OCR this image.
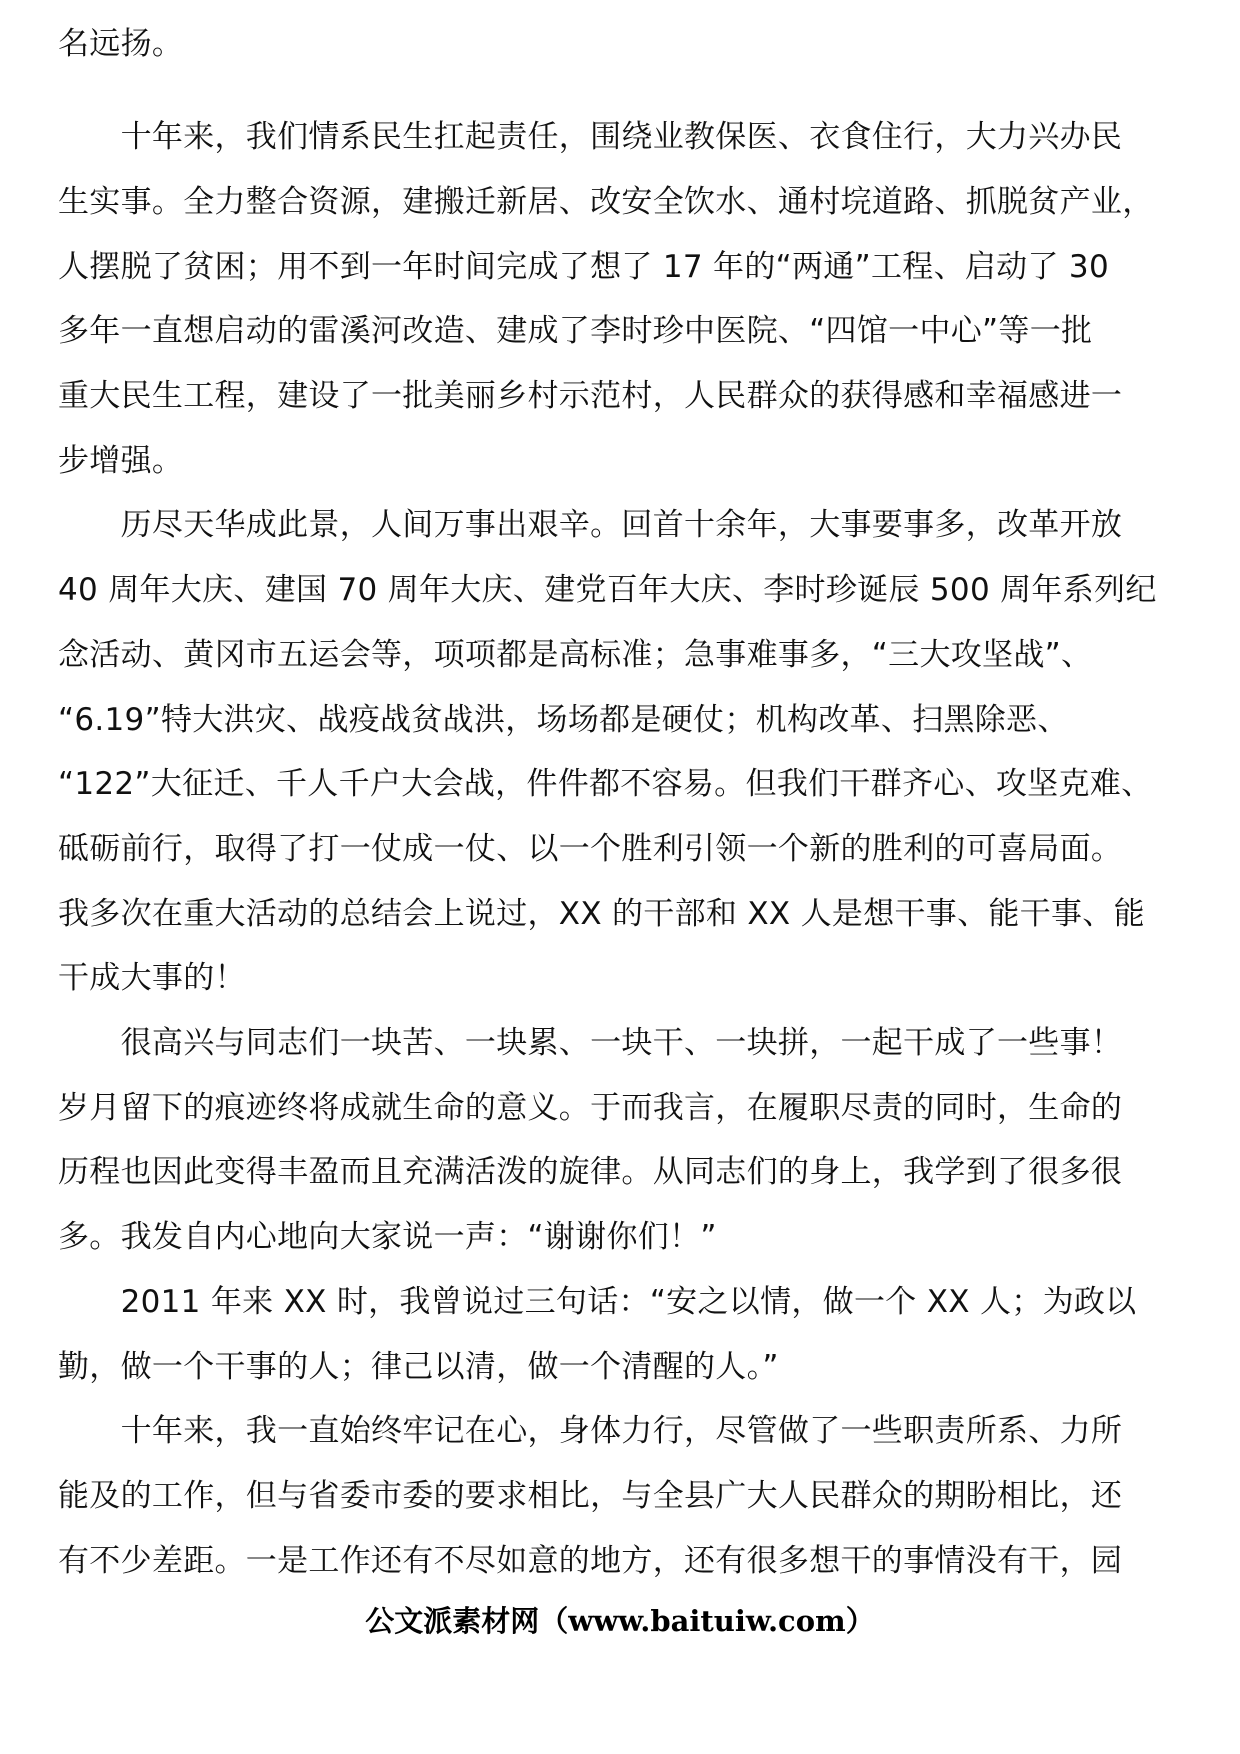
名远扬。
　　十年来，我们情系民生扛起责任，围绕业教保医、衣食住行，大力兴办民
生实事。全力整合资源，建搬迁新居、改安全饮水、通村垸道路、抓脱贫产业，
人摆脱了贫困；用不到一年时间完成了想了 17 年的“两通”工程、启动了 30
多年一直想启动的雷溪河改造、建成了李时珍中医院、“四馆一中心”等一批
重大民生工程，建设了一批美丽乡村示范村，人民群众的获得感和幸福感进一
步增强。
　　历尽天华成此景，人间万事出艰辛。回首十余年，大事要事多，改革开放
40 周年大庆、建国 70 周年大庆、建党百年大庆、李时珍诞辰 500 周年系列纪
念活动、黄冈市五运会等，项项都是高标准；急事难事多，“三大攻坚战”、
“6.19”特大洪灾、战疫战贫战洪，场场都是硬仗；机构改革、扫黑除恶、
“122”大征迁、千人千户大会战，件件都不容易。但我们干群齐心、攻坚克难、
砥砺前行，取得了打一仗成一仗、以一个胜利引领一个新的胜利的可喜局面。
我多次在重大活动的总结会上说过，XX 的干部和 XX 人是想干事、能干事、能
干成大事的！
　　很高兴与同志们一块苦、一块累、一块干、一块拼，一起干成了一些事！
岁月留下的痕迹终将成就生命的意义。于而我言，在履职尽责的同时，生命的
历程也因此变得丰盈而且充满活泼的旋律。从同志们的身上，我学到了很多很
多。我发自内心地向大家说一声：“谢谢你们！”
　　2011 年来 XX 时，我曾说过三句话：“安之以情，做一个 XX 人；为政以
勤，做一个干事的人；律己以清，做一个清醒的人。”
　　十年来，我一直始终牢记在心，身体力行，尽管做了一些职责所系、力所
能及的工作，但与省委市委的要求相比，与全县广大人民群众的期盼相比，还
有不少差距。一是工作还有不尽如意的地方，还有很多想干的事情没有干，园
公文派素材网（www.baituiw.com）
